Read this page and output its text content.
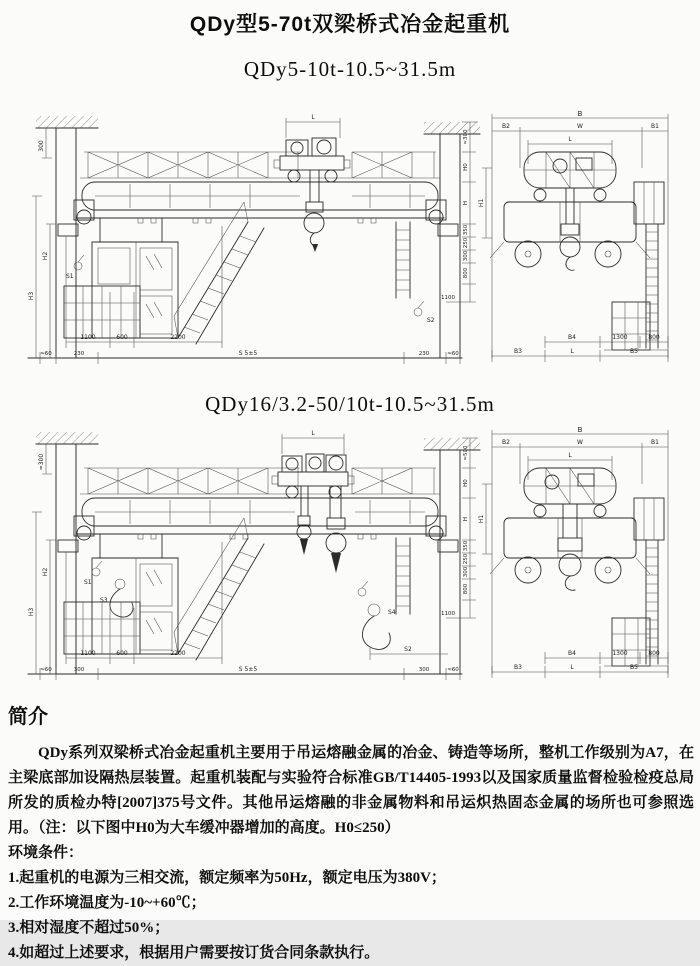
QDy型5-70t双梁桥式冶金起重机
QDy5-10t-10.5~31.5m
L
S1
S2
300
H2
H3
1100	600	2200
≈60	230	S 5±5	230	≈60
≈300
H0
H
350
250
300
800
1100
B
B2	W	B1
L
H1
B4	1300	800
B3	L	B5
QDy16/3.2-50/10t-10.5~31.5m
L
S1
S3
S4
S2
≈300
H2
H3
1100	600	2200
≈60	300	S 5±5	300	≈60
≈500
H0
H
350
250
300
800
1100
B
B2	W	B1
L
H1
B4	1300	800
B3	L	B5
简介

QDy系列双梁桥式冶金起重机主要用于吊运熔融金属的冶金、铸造等场所，整机工作级别为A7，在主梁底部加设隔热层装置。起重机装配与实验符合标准GB/T14405-1993以及国家质量监督检验检疫总局所发的质检办特[2007]375号文件。其他吊运熔融的非金属物料和吊运炽热固态金属的场所也可参照选用。（注：以下图中H0为大车缓冲器增加的高度。H0≤250）

环境条件：
1.起重机的电源为三相交流，额定频率为50Hz，额定电压为380V；
2.工作环境温度为-10~+60℃；
3.相对湿度不超过50%；
4.如超过上述要求，根据用户需要按订货合同条款执行。
